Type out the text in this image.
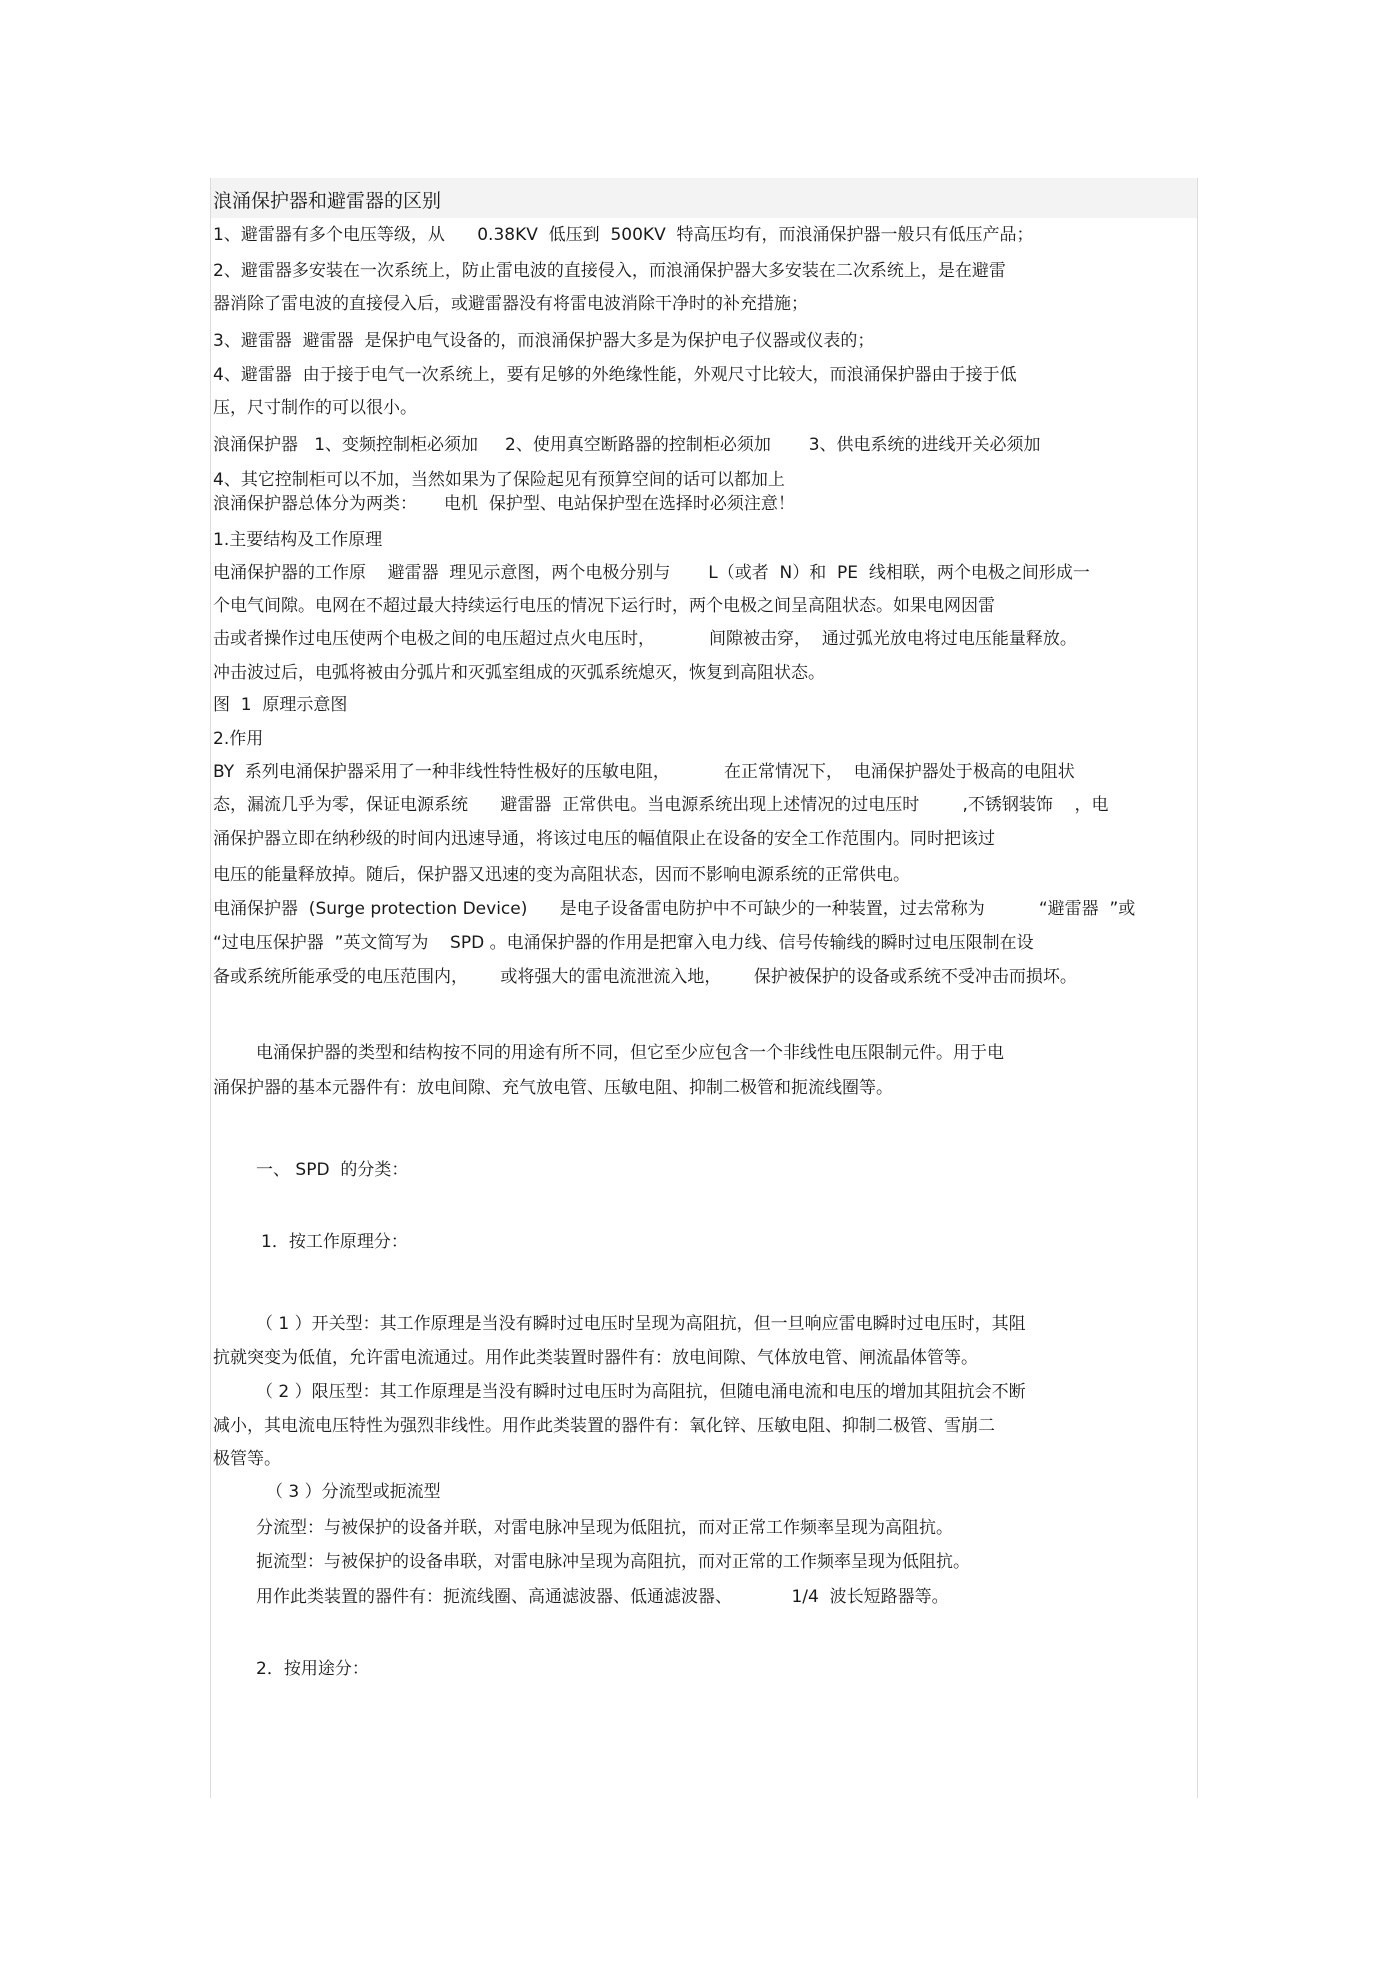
浪涌保护器和避雷器的区别
1、避雷器有多个电压等级，从      0.38KV  低压到  500KV  特高压均有，而浪涌保护器一般只有低压产品；
2、避雷器多安装在一次系统上，防止雷电波的直接侵入，而浪涌保护器大多安装在二次系统上，是在避雷
器消除了雷电波的直接侵入后，或避雷器没有将雷电波消除干净时的补充措施；
3、避雷器  避雷器  是保护电气设备的，而浪涌保护器大多是为保护电子仪器或仪表的；
4、避雷器  由于接于电气一次系统上，要有足够的外绝缘性能，外观尺寸比较大，而浪涌保护器由于接于低
压，尺寸制作的可以很小。
浪涌保护器   1、变频控制柜必须加     2、使用真空断路器的控制柜必须加       3、供电系统的进线开关必须加
4、其它控制柜可以不加，当然如果为了保险起见有预算空间的话可以都加上
浪涌保护器总体分为两类：     电机  保护型、电站保护型在选择时必须注意！
1.主要结构及工作原理
电涌保护器的工作原    避雷器  理见示意图，两个电极分别与       L（或者  N）和  PE  线相联，两个电极之间形成一
个电气间隙。电网在不超过最大持续运行电压的情况下运行时，两个电极之间呈高阻状态。如果电网因雷
击或者操作过电压使两个电极之间的电压超过点火电压时，          间隙被击穿，  通过弧光放电将过电压能量释放。
冲击波过后，电弧将被由分弧片和灭弧室组成的灭弧系统熄灭，恢复到高阻状态。
图  1  原理示意图
2.作用
BY  系列电涌保护器采用了一种非线性特性极好的压敏电阻，          在正常情况下，  电涌保护器处于极高的电阻状
态，漏流几乎为零，保证电源系统      避雷器  正常供电。当电源系统出现上述情况的过电压时        ,不锈钢装饰    ，电
涌保护器立即在纳秒级的时间内迅速导通，将该过电压的幅值限止在设备的安全工作范围内。同时把该过
电压的能量释放掉。随后，保护器又迅速的变为高阻状态，因而不影响电源系统的正常供电。
电涌保护器  (Surge protection Device)      是电子设备雷电防护中不可缺少的一种装置，过去常称为          “避雷器  ”或
“过电压保护器  ”英文简写为    SPD 。电涌保护器的作用是把窜入电力线、信号传输线的瞬时过电压限制在设
备或系统所能承受的电压范围内，      或将强大的雷电流泄流入地，      保护被保护的设备或系统不受冲击而损坏。
电涌保护器的类型和结构按不同的用途有所不同，但它至少应包含一个非线性电压限制元件。用于电
涌保护器的基本元器件有：放电间隙、充气放电管、压敏电阻、抑制二极管和扼流线圈等。
一、 SPD  的分类：
1．按工作原理分：
（ 1 ）开关型：其工作原理是当没有瞬时过电压时呈现为高阻抗，但一旦响应雷电瞬时过电压时，其阻
抗就突变为低值，允许雷电流通过。用作此类装置时器件有：放电间隙、气体放电管、闸流晶体管等。
（ 2 ）限压型：其工作原理是当没有瞬时过电压时为高阻抗，但随电涌电流和电压的增加其阻抗会不断
减小，其电流电压特性为强烈非线性。用作此类装置的器件有：氧化锌、压敏电阻、抑制二极管、雪崩二
极管等。
（ 3 ）分流型或扼流型
分流型：与被保护的设备并联，对雷电脉冲呈现为低阻抗，而对正常工作频率呈现为高阻抗。
扼流型：与被保护的设备串联，对雷电脉冲呈现为高阻抗，而对正常的工作频率呈现为低阻抗。
用作此类装置的器件有：扼流线圈、高通滤波器、低通滤波器、           1/4  波长短路器等。
2．按用途分：
